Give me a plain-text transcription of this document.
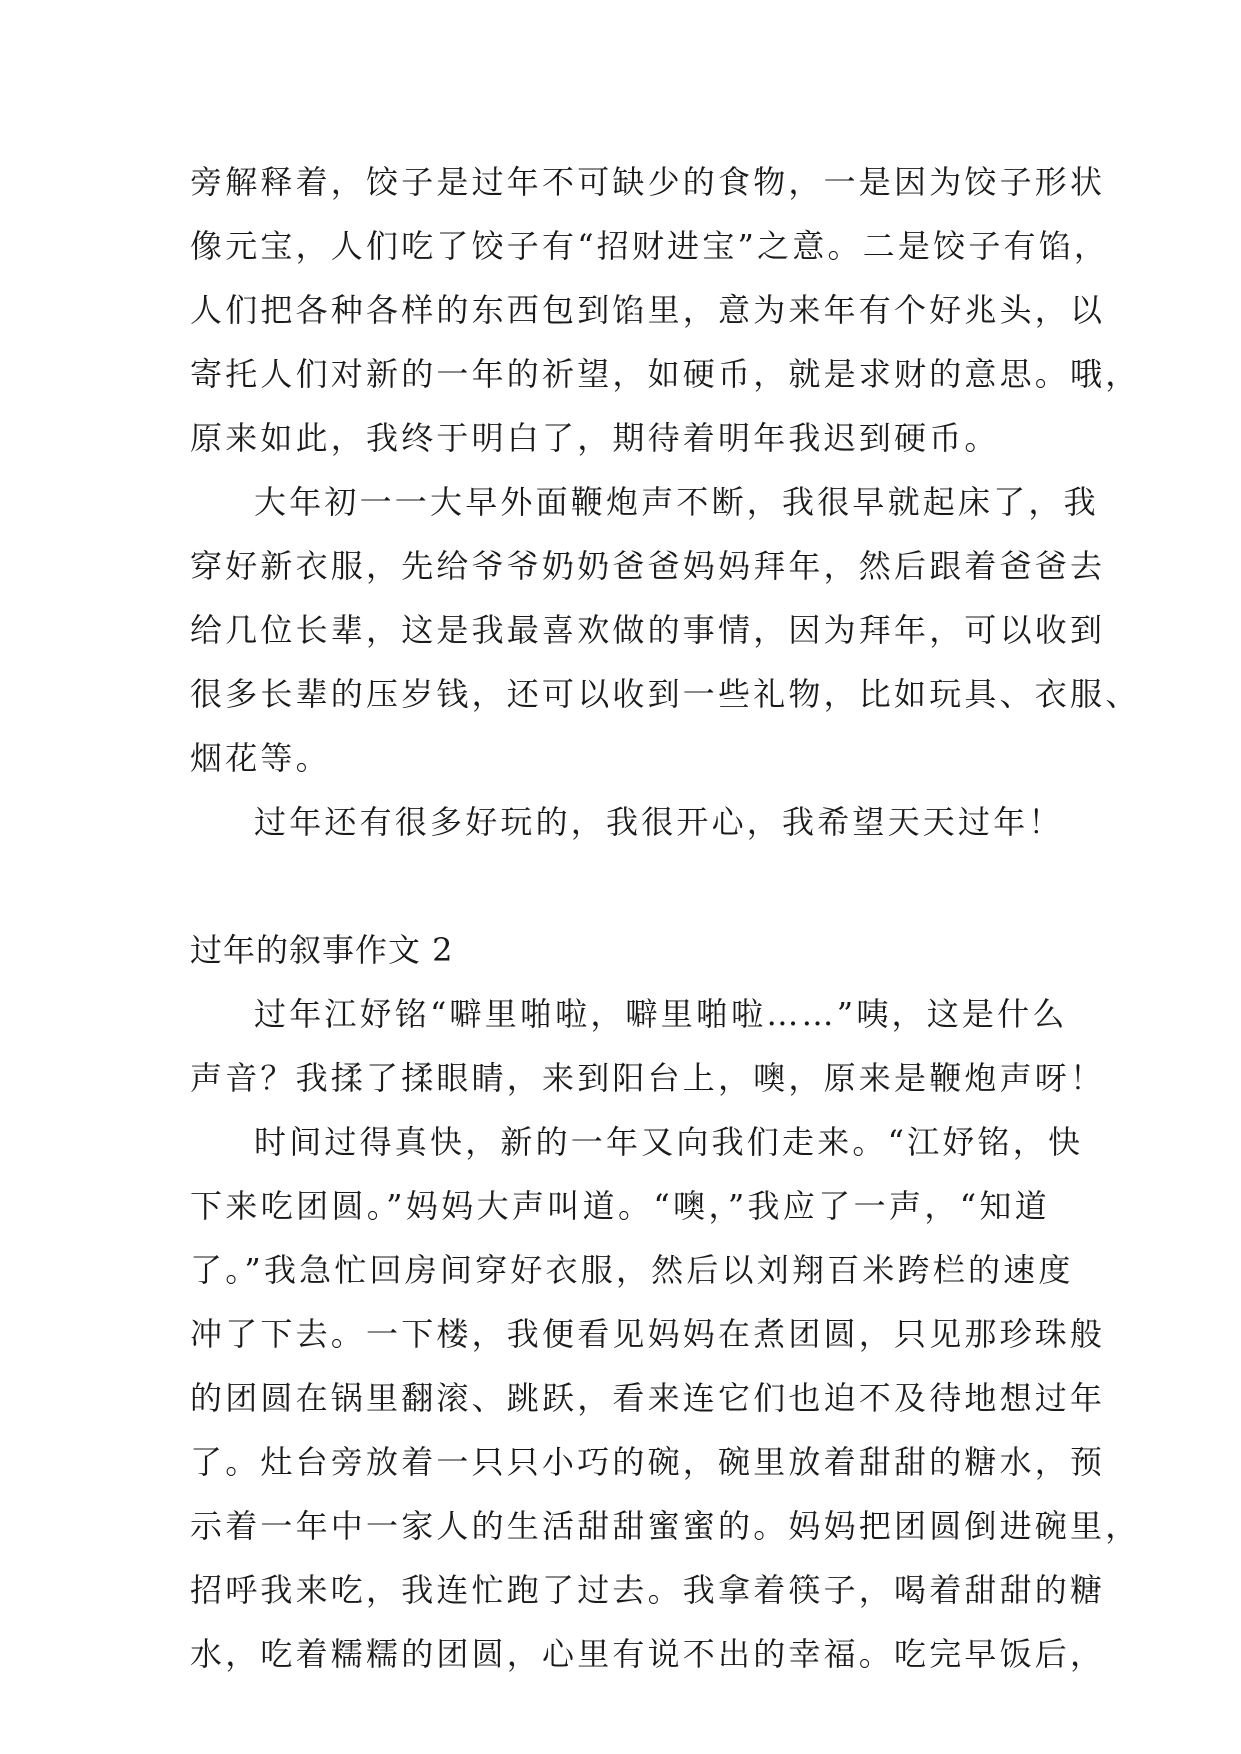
旁解释着，饺子是过年不可缺少的食物，一是因为饺子形状
像元宝，人们吃了饺子有“招财进宝”之意。二是饺子有馅，
人们把各种各样的东西包到馅里，意为来年有个好兆头，以
寄托人们对新的一年的祈望，如硬币，就是求财的意思。哦，
原来如此，我终于明白了，期待着明年我迟到硬币。
大年初一一大早外面鞭炮声不断，我很早就起床了，我
穿好新衣服，先给爷爷奶奶爸爸妈妈拜年，然后跟着爸爸去
给几位长辈，这是我最喜欢做的事情，因为拜年，可以收到
很多长辈的压岁钱，还可以收到一些礼物，比如玩具、衣服、
烟花等。
过年还有很多好玩的，我很开心，我希望天天过年！
过年的叙事作文 2
过年江妤铭“噼里啪啦，噼里啪啦……”咦，这是什么
声音？我揉了揉眼睛，来到阳台上，噢，原来是鞭炮声呀！
时间过得真快，新的一年又向我们走来。“江妤铭，快
下来吃团圆。”妈妈大声叫道。“噢，”我应了一声，“知道
了。”我急忙回房间穿好衣服，然后以刘翔百米跨栏的速度
冲了下去。一下楼，我便看见妈妈在煮团圆，只见那珍珠般
的团圆在锅里翻滚、跳跃，看来连它们也迫不及待地想过年
了。灶台旁放着一只只小巧的碗，碗里放着甜甜的糖水，预
示着一年中一家人的生活甜甜蜜蜜的。妈妈把团圆倒进碗里，
招呼我来吃，我连忙跑了过去。我拿着筷子，喝着甜甜的糖
水，吃着糯糯的团圆，心里有说不出的幸福。吃完早饭后，
